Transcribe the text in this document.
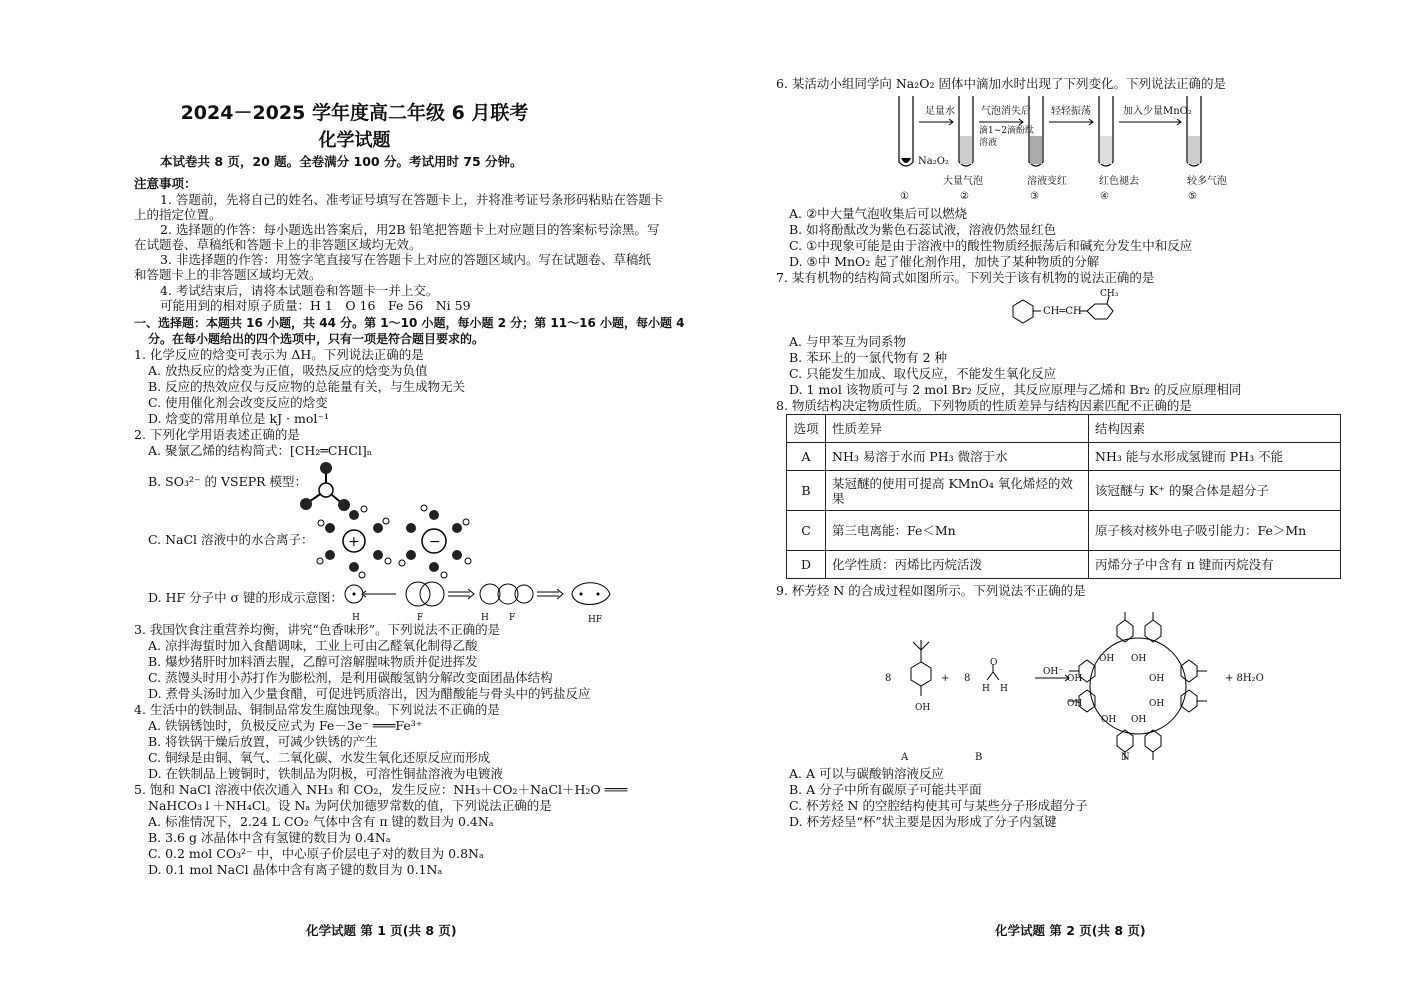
2024－2025 学年度高二年级 6 月联考
化学试题
本试卷共 8 页，20 题。全卷满分 100 分。考试用时 75 分钟。
注意事项：
1. 答题前，先将自己的姓名、准考证号填写在答题卡上，并将准考证号条形码粘贴在答题卡
上的指定位置。
2. 选择题的作答：每小题选出答案后，用2B 铅笔把答题卡上对应题目的答案标号涂黑。写
在试题卷、草稿纸和答题卡上的非答题区域均无效。
3. 非选择题的作答：用签字笔直接写在答题卡上对应的答题区域内。写在试题卷、草稿纸
和答题卡上的非答题区域均无效。
4. 考试结束后，请将本试题卷和答题卡一并上交。
可能用到的相对原子质量：H 1　O 16　Fe 56　Ni 59
一、选择题：本题共 16 小题，共 44 分。第 1～10 小题，每小题 2 分；第 11～16 小题，每小题 4
分。在每小题给出的四个选项中，只有一项是符合题目要求的。
1. 化学反应的焓变可表示为 ΔH。下列说法正确的是
A. 放热反应的焓变为正值，吸热反应的焓变为负值
B. 反应的热效应仅与反应物的总能量有关，与生成物无关
C. 使用催化剂会改变反应的焓变
D. 焓变的常用单位是 kJ · mol⁻¹
2. 下列化学用语表述正确的是
A. 聚氯乙烯的结构简式：[CH₂═CHCl]ₙ
B. SO₃²⁻ 的 VSEPR 模型：
C. NaCl 溶液中的水合离子： +	−
D. HF 分子中 σ 键的形成示意图：
H	F	H F	HF
3. 我国饮食注重营养均衡，讲究“色香味形”。下列说法不正确的是
A. 凉拌海蜇时加入食醋调味，工业上可由乙醛氧化制得乙酸
B. 爆炒猪肝时加料酒去腥，乙醇可溶解腥味物质并促进挥发
C. 蒸馒头时用小苏打作为膨松剂，是利用碳酸氢钠分解改变面团晶体结构
D. 煮骨头汤时加入少量食醋，可促进钙质溶出，因为醋酸能与骨头中的钙盐反应
4. 生活中的铁制品、铜制品常发生腐蚀现象。下列说法不正确的是
A. 铁锅锈蚀时，负极反应式为 Fe－3e⁻ ═══Fe³⁺
B. 将铁锅干燥后放置，可减少铁锈的产生
C. 铜绿是由铜、氧气、二氧化碳、水发生氧化还原反应而形成
D. 在铁制品上镀铜时，铁制品为阴极，可溶性铜盐溶液为电镀液
5. 饱和 NaCl 溶液中依次通入 NH₃ 和 CO₂，发生反应：NH₃＋CO₂＋NaCl＋H₂O ═══
NaHCO₃↓＋NH₄Cl。设 Nₐ 为阿伏加德罗常数的值，下列说法正确的是
A. 标准情况下，2.24 L CO₂ 气体中含有 π 键的数目为 0.4Nₐ
B. 3.6 g 冰晶体中含有氢键的数目为 0.4Nₐ
C. 0.2 mol CO₃²⁻ 中，中心原子价层电子对的数目为 0.8Nₐ
D. 0.1 mol NaCl 晶体中含有离子键的数目为 0.1Nₐ
化学试题 第 1 页(共 8 页)
6. 某活动小组同学向 Na₂O₂ 固体中滴加水时出现了下列变化。下列说法正确的是
足量水	气泡消失后
滴1~2滴酚酞
溶液
轻轻振荡	加入少量MnO₂
Na₂O₂
大量气泡	溶液变红	红色褪去	较多气泡
①	②	③	④	⑤
A. ②中大量气泡收集后可以燃烧
B. 如将酚酞改为紫色石蕊试液，溶液仍然显红色
C. ①中现象可能是由于溶液中的酸性物质经振荡后和碱充分发生中和反应
D. ⑤中 MnO₂ 起了催化剂作用，加快了某种物质的分解
7. 某有机物的结构简式如图所示。下列关于该有机物的说法正确的是
CH═CH
CH₃
A. 与甲苯互为同系物
B. 苯环上的一氯代物有 2 种
C. 只能发生加成、取代反应，不能发生氧化反应
D. 1 mol 该物质可与 2 mol Br₂ 反应，其反应原理与乙烯和 Br₂ 的反应原理相同
8. 物质结构决定物质性质。下列物质的性质差异与结构因素匹配不正确的是
选项	性质差异	结构因素
A	NH₃ 易溶于水而 PH₃ 微溶于水	NH₃ 能与水形成氢键而 PH₃ 不能
B	某冠醚的使用可提高 KMnO₄ 氧化烯烃的效果	该冠醚与 K⁺ 的聚合体是超分子
C	第三电离能：Fe＜Mn	原子核对核外电子吸引能力：Fe＞Mn
D	化学性质：丙烯比丙烷活泼	丙烯分子中含有 π 键而丙烷没有
9. 杯芳烃 N 的合成过程如图所示。下列说法不正确的是
8
OH
+ 8
O
H H
OH⁻
OH OH
OH	OH
OH	OH
OH OH
+ 8H₂O
A	B	N
A. A 可以与碳酸钠溶液反应
B. A 分子中所有碳原子可能共平面
C. 杯芳烃 N 的空腔结构使其可与某些分子形成超分子
D. 杯芳烃呈“杯”状主要是因为形成了分子内氢键
化学试题 第 2 页(共 8 页)
